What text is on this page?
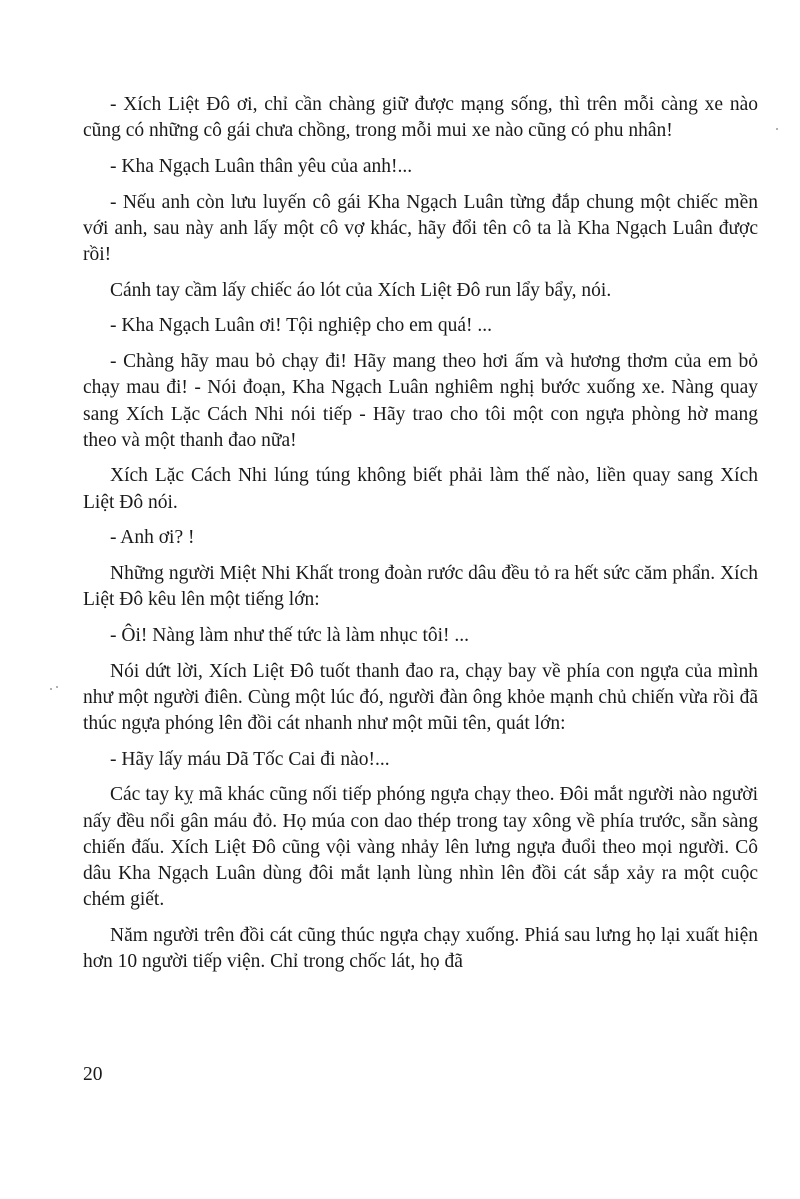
- Xích Liệt Đô ơi, chỉ cần chàng giữ được mạng sống, thì trên mỗi càng xe nào cũng có những cô gái chưa chồng, trong mỗi mui xe nào cũng có phu nhân!

- Kha Ngạch Luân thân yêu của anh!...

- Nếu anh còn lưu luyến cô gái Kha Ngạch Luân từng đắp chung một chiếc mền với anh, sau này anh lấy một cô vợ khác, hãy đổi tên cô ta là Kha Ngạch Luân được rồi!

Cánh tay cầm lấy chiếc áo lót của Xích Liệt Đô run lẩy bẩy, nói.

- Kha Ngạch Luân ơi! Tội nghiệp cho em quá! ...

- Chàng hãy mau bỏ chạy đi! Hãy mang theo hơi ấm và hương thơm của em bỏ chạy mau đi! - Nói đoạn, Kha Ngạch Luân nghiêm nghị bước xuống xe. Nàng quay sang Xích Lặc Cách Nhi nói tiếp - Hãy trao cho tôi một con ngựa phòng hờ mang theo và một thanh đao nữa!

Xích Lặc Cách Nhi lúng túng không biết phải làm thế nào, liền quay sang Xích Liệt Đô nói.

- Anh ơi? !

Những người Miệt Nhi Khất trong đoàn rước dâu đều tỏ ra hết sức căm phẩn. Xích Liệt Đô kêu lên một tiếng lớn:

- Ôi! Nàng làm như thế tức là làm nhục tôi! ...

Nói dứt lời, Xích Liệt Đô tuốt thanh đao ra, chạy bay về phía con ngựa của mình như một người điên. Cùng một lúc đó, người đàn ông khỏe mạnh chủ chiến vừa rồi đã thúc ngựa phóng lên đồi cát nhanh như một mũi tên, quát lớn:

- Hãy lấy máu Dã Tốc Cai đi nào!...

Các tay kỵ mã khác cũng nối tiếp phóng ngựa chạy theo. Đôi mắt người nào người nấy đều nổi gân máu đỏ. Họ múa con dao thép trong tay xông về phía trước, sẵn sàng chiến đấu. Xích Liệt Đô cũng vội vàng nhảy lên lưng ngựa đuổi theo mọi người. Cô dâu Kha Ngạch Luân dùng đôi mắt lạnh lùng nhìn lên đồi cát sắp xảy ra một cuộc chém giết.

Năm người trên đồi cát cũng thúc ngựa chạy xuống. Phiá sau lưng họ lại xuất hiện hơn 10 người tiếp viện. Chỉ trong chốc lát, họ đã

20
